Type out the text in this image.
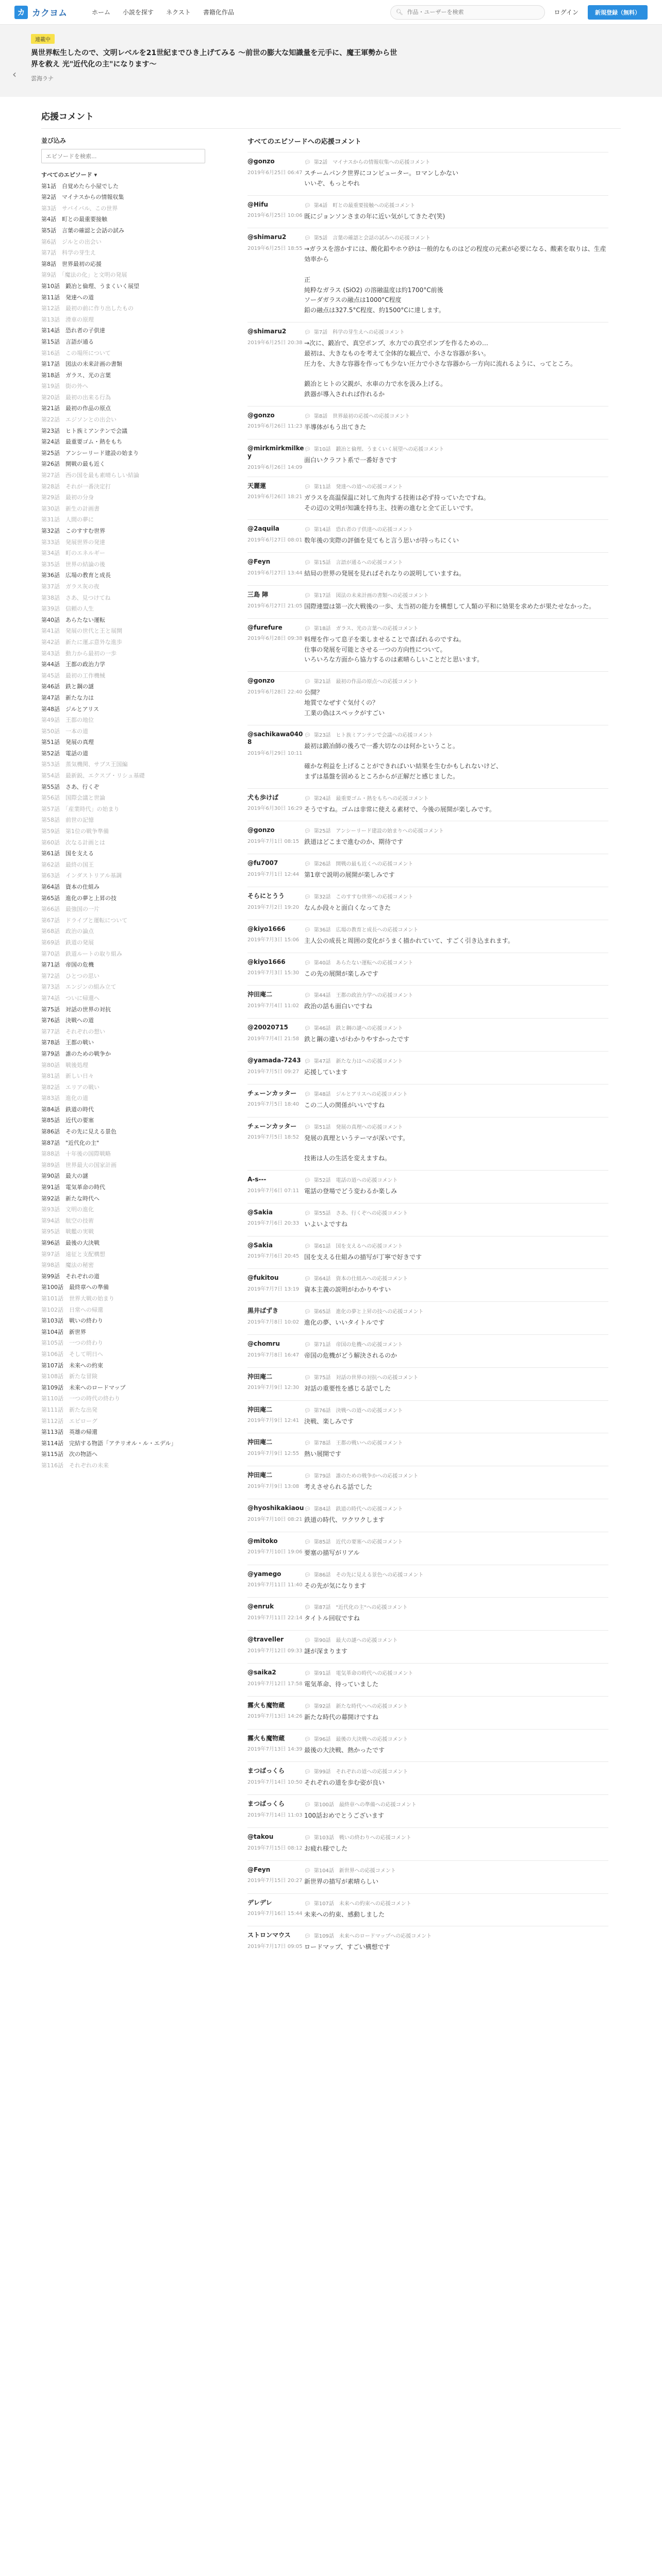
カ カクヨム	ホーム 小説を探す ネクスト 書籍化作品	🔍︎
作品・ユーザーを検索	ログイン	新規登録（無料）
‹
連載中
異世界転生したので、文明レベルを21世紀までひき上げてみる 〜前世の膨大な知識量を元手に、魔王軍勢から世界を救え 光"近代化の主"になります〜
雲海ラナ
応援コメント
並び込み
エピソードを検索...
すべてのエピソード ▾
第1話　自覚めたら小屋でした
第2話　マイナスからの情報収集
第3話　サバイバル、この世界
第4話　町との最重要接触
第5話　言葉の確認と会話の試み
第6話　ジルとの出会い
第7話　科学の芽生え
第8話　世界最初の応援
第9話　「魔法の化」と文明の発展
第10話　鍛冶と倫理、うまくいく展望
第11話　発達への道
第12話　最初の前に作り出したもの
第13話　滑車の原理
第14話　恐れ者の子供達
第15話　言語が通る
第16話　この場所について
第17話　図法の未来計画の書類
第18話　ガラス、光の言葉
第19話　街の外へ
第20話　最初の出来る行為
第21話　最初の作品の原点
第22話　エジソンとの出会い
第23話　ヒト族ミアンテンで会議
第24話　最重要ゴム・熱をもち
第25話　アンシーリード建設の始まり
第26話　開戦の最も近く
第27話　西の国を最も素晴らしい結論
第28話　それが一番決定打
第29話　最初の分身
第30話　新生の計画書
第31話　人間の夢に
第32話　このすすむ世界
第33話　発展世界の発達
第34話　町のエネルギー
第35話　世界の結論の後
第36話　広場の教育と成長
第37話　ガラス灰の夜
第38話　さあ、見つけてね
第39話　信頼の人生
第40話　あらたない運転
第41話　発展の世代と王と展開
第42話　新たに運ぶ意外な進歩
第43話　動力から最初の一歩
第44話　王都の政治力学
第45話　最初の工作機械
第46話　鉄と鋼の謎
第47話　新たな力は
第48話　ジルとアリス
第49話　王都の地位
第50話　一本の道
第51話　発展の真理
第52話　電話の道
第53話　蒸気機関、サブス王国編
第54話　最新鋭、エクスプ・リシュ基礎
第55話　さあ、行くぞ
第56話　国際会議と世論
第57話　「産業時代」の始まり
第58話　前世の記憶
第59話　第1位の戦争準備
第60話　次なる計画とは
第61話　国を支える
第62話　最終の国王
第63話　インダストリアル基調
第64話　資本の仕組み
第65話　進化の夢と上昇の技
第66話　最強国の一片
第67話　ドライブと運転について
第68話　政治の論点
第69話　鉄道の発展
第70話　鉄道ルートの取り組み
第71話　帝国の危機
第72話　ひとつの思い
第73話　エンジンの組み立て
第74話　ついに帰還へ
第75話　対話の世界の対抗
第76話　決戦への道
第77話　それぞれの想い
第78話　王都の戦い
第79話　誰のための戦争か
第80話　戦後処理
第81話　新しい日々
第82話　エリアの戦い
第83話　進化の道
第84話　鉄道の時代
第85話　近代の要塞
第86話　その先に見える景色
第87話　"近代化の主"
第88話　十年後の国際戦略
第89話　世界最大の国家計画
第90話　最大の謎
第91話　電気革命の時代
第92話　新たな時代へ
第93話　文明の進化
第94話　航空の技術
第95話　戦艦の実戦
第96話　最後の大決戦
第97話　遠征と支配構想
第98話　魔法の秘密
第99話　それぞれの道
第100話　最終章への準備
第101話　世界大戦の始まり
第102話　日常への帰還
第103話　戦いの終わり
第104話　新世界
第105話　一つの終わり
第106話　そして明日へ
第107話　未来への約束
第108話　新たな冒険
第109話　未来へのロードマップ
第110話　一つの時代の終わり
第111話　新たな出発
第112話　エピローグ
第113話　英雄の帰還
第114話　完結する物語「アテリオル・ル・エデル」
第115話　次の物語へ
第116話　それぞれの未来
すべてのエピソードへの応援コメント
@gonzo
2019年6月25日 06:47
💬︎ 第2話　マイナスからの情報収集への応援コメント
スチームパンク世界にコンピューター。ロマンしかない
いいぞ、もっとやれ
@Hifu
2019年6月25日 10:06
💬︎ 第4話　町との最重要接触への応援コメント
既にジョンソンさまの年に近い気がしてきたぞ(笑)
@shimaru2
2019年6月25日 18:55
💬︎ 第5話　言葉の確認と会話の試みへの応援コメント
→ガラスを溶かすには、酸化鉛やホウ砂は一般的なものはどの程度の元素が必要になる、酸素を取りは、生産効率から

正
純粋なガラス (SiO2) の溶融温度は約1700°C前後
ソーダガラスの融点は1000°C程度
鉛の融点は327.5°C程度、約1500°Cに達します。
@shimaru2
2019年6月25日 20:38
💬︎ 第7話　科学の芽生えへの応援コメント
→次に、鍛冶で、真空ポンプ、水力での真空ポンプを作るための…
最初は、大きなものを考えて全体的な観点で、小さな容器が多い。
圧力を、大きな容器を作っても少ない圧力で小さな容器から一方向に流れるように、ってところ。

鍛冶とヒトの父親が、水車の力で水を汲み上げる。
鉄器が導入されれば作れるか
@gonzo
2019年6月26日 11:23
💬︎ 第8話　世界最初の応援への応援コメント
半導体がもう出てきた
@mirkmirkmilkey
2019年6月26日 14:09
💬︎ 第10話　鍛冶と倫理、うまくいく展望への応援コメント
面白いクラフト系で一番好きです
天麗蓮
2019年6月26日 18:21
💬︎ 第11話　発達への道への応援コメント
ガラスを高温保温に対して魚肉する技術は必ず持っていたですね。
その辺の文明が知識を持ち主、技術の進むと全て正しいです。
@2aquila
2019年6月27日 08:01
💬︎ 第14話　恐れ者の子供達への応援コメント
数年後の実際の評価を見てもと言う思いが持っちにくい
@Feyn
2019年6月27日 13:44
💬︎ 第15話　言語が通るへの応援コメント
結局の世界の発展を見ればそれなりの説明していますね。
三島 陣
2019年6月27日 21:05
💬︎ 第17話　図法の未来計画の書類への応援コメント
国際連盟は第一次大戦後の一歩、太当初の能力を構想して人類の平和に効果を求めたが果たせなかった。
@furefure
2019年6月28日 09:38
💬︎ 第18話　ガラス、光の言葉への応援コメント
料理を作って息子を楽しませることで喜ばれるのですね。
仕事の発展を可能とさせる一つの方向性について。
いろいろな方面から協力するのは素晴らしいことだと思います。
@gonzo
2019年6月28日 22:40
💬︎ 第21話　最初の作品の原点への応援コメント
公開？
地質でなぜすぐ気付くの？
工業の偽はスペックがすごい
@sachikawa0408
2019年6月29日 10:11
💬︎ 第23話　ヒト族ミアンテンで会議への応援コメント
最初は鍛冶師の後ろで一番大切なのは何かということ。

確かな利益を上げることができればいい結果を生むかもしれないけど、
まずは基盤を固めるところからが正解だと感じました。
犬も歩けば
2019年6月30日 16:29
💬︎ 第24話　最重要ゴム・熱をもちへの応援コメント
そうですね。ゴムは非常に使える素材で、今後の展開が楽しみです。
@gonzo
2019年7月1日 08:15
💬︎ 第25話　アンシーリード建設の始まりへの応援コメント
鉄道はどこまで進むのか、期待です
@fu7007
2019年7月1日 12:44
💬︎ 第26話　開戦の最も近くへの応援コメント
第1章で説明の展開が楽しみです
そらにとうう
2019年7月2日 19:20
💬︎ 第32話　このすすむ世界への応援コメント
なんか段々と面白くなってきた
@kiyo1666
2019年7月3日 15:06
💬︎ 第36話　広場の教育と成長への応援コメント
主人公の成長と周囲の変化がうまく描かれていて、すごく引き込まれます。
@kiyo1666
2019年7月3日 15:30
💬︎ 第40話　あらたない運転への応援コメント
この先の展開が楽しみです
沖田庵二
2019年7月4日 11:02
💬︎ 第44話　王都の政治力学への応援コメント
政治の話も面白いですね
@20020715
2019年7月4日 21:58
💬︎ 第46話　鉄と鋼の謎への応援コメント
鉄と鋼の違いがわかりやすかったです
@yamada-7243
2019年7月5日 09:27
💬︎ 第47話　新たな力はへの応援コメント
応援しています
チェーンカッター
2019年7月5日 18:40
💬︎ 第48話　ジルとアリスへの応援コメント
この二人の関係がいいですね
チェーンカッター
2019年7月5日 18:52
💬︎ 第51話　発展の真理への応援コメント
発展の真理というテーマが深いです。

技術は人の生活を変えますね。
A-s---
2019年7月6日 07:11
💬︎ 第52話　電話の道への応援コメント
電話の登場でどう変わるか楽しみ
@Sakia
2019年7月6日 20:33
💬︎ 第55話　さあ、行くぞへの応援コメント
いよいよですね
@Sakia
2019年7月6日 20:45
💬︎ 第61話　国を支えるへの応援コメント
国を支える仕組みの描写が丁寧で好きです
@fukitou
2019年7月7日 13:19
💬︎ 第64話　資本の仕組みへの応援コメント
資本主義の説明がわかりやすい
黒井ばずき
2019年7月8日 10:02
💬︎ 第65話　進化の夢と上昇の技への応援コメント
進化の夢、いいタイトルです
@chomru
2019年7月8日 16:47
💬︎ 第71話　帝国の危機への応援コメント
帝国の危機がどう解決されるのか
沖田庵二
2019年7月9日 12:30
💬︎ 第75話　対話の世界の対抗への応援コメント
対話の重要性を感じる話でした
沖田庵二
2019年7月9日 12:41
💬︎ 第76話　決戦への道への応援コメント
決戦、楽しみです
沖田庵二
2019年7月9日 12:55
💬︎ 第78話　王都の戦いへの応援コメント
熱い展開です
沖田庵二
2019年7月9日 13:08
💬︎ 第79話　誰のための戦争かへの応援コメント
考えさせられる話でした
@hyoshikakiaou
2019年7月10日 08:21
💬︎ 第84話　鉄道の時代への応援コメント
鉄道の時代、ワクワクします
@mitoko
2019年7月10日 19:06
💬︎ 第85話　近代の要塞への応援コメント
要塞の描写がリアル
@yamego
2019年7月11日 11:40
💬︎ 第86話　その先に見える景色への応援コメント
その先が気になります
@enruk
2019年7月11日 22:14
💬︎ 第87話　"近代化の主"への応援コメント
タイトル回収ですね
@traveller
2019年7月12日 09:33
💬︎ 第90話　最大の謎への応援コメント
謎が深まります
@saika2
2019年7月12日 17:58
💬︎ 第91話　電気革命の時代への応援コメント
電気革命、待っていました
霧火も魔物蔵
2019年7月13日 14:26
💬︎ 第92話　新たな時代へへの応援コメント
新たな時代の幕開けですね
霧火も魔物蔵
2019年7月13日 14:39
💬︎ 第96話　最後の大決戦への応援コメント
最後の大決戦、熱かったです
まつばっくら
2019年7月14日 10:50
💬︎ 第99話　それぞれの道への応援コメント
それぞれの道を歩む姿が良い
まつばっくら
2019年7月14日 11:03
💬︎ 第100話　最終章への準備への応援コメント
100話おめでとうございます
@takou
2019年7月15日 08:12
💬︎ 第103話　戦いの終わりへの応援コメント
お疲れ様でした
@Feyn
2019年7月15日 20:27
💬︎ 第104話　新世界への応援コメント
新世界の描写が素晴らしい
デレデレ
2019年7月16日 15:44
💬︎ 第107話　未来への約束への応援コメント
未来への約束、感動しました
ストロンマウス
2019年7月17日 09:05
💬︎ 第109話　未来へのロードマップへの応援コメント
ロードマップ、すごい構想です
